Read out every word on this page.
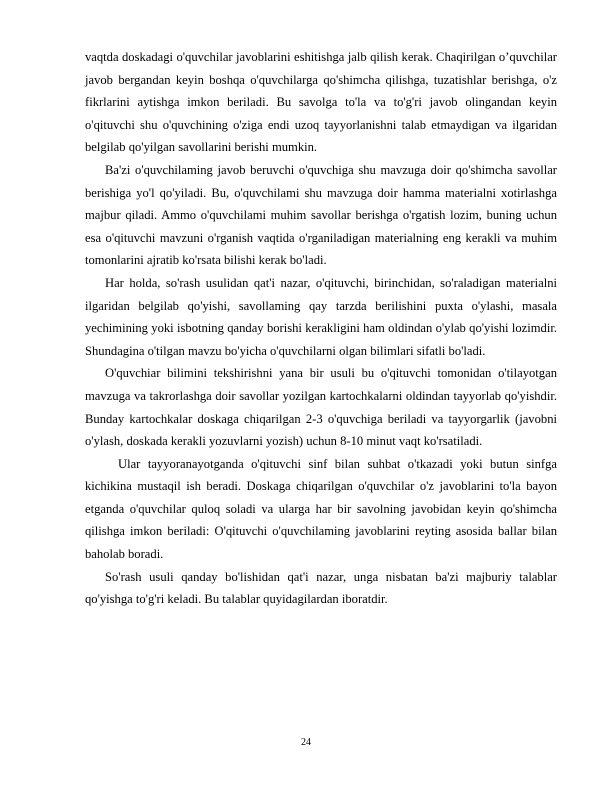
vaqtda doskadagi o'quvchilar javoblarini eshitishga jalb qilish kerak. Chaqirilgan o’quvchilar javob bergandan keyin boshqa o'quvchilarga qo'shimcha qilishga, tuzatishlar berishga, o'z fikrlarini aytishga imkon beriladi. Bu savolga to'la va to'g'ri javob olingandan keyin o'qituvchi shu o'quvchining o'ziga endi uzoq tayyorlanishni talab etmaydigan va ilgaridan belgilab qo'yilgan savollarini berishi mumkin.

Ba'zi o'quvchilaming javob beruvchi o'quvchiga shu mavzuga doir qo'shimcha savollar berishiga yo'l qo'yiladi. Bu, o'quvchilami shu mavzuga doir hamma materialni xotirlashga majbur qiladi. Ammo o'quvchilami muhim savollar berishga o'rgatish lozim, buning uchun esa o'qituvchi mavzuni o'rganish vaqtida o'rganiladigan materialning eng kerakli va muhim tomonlarini ajratib ko'rsata bilishi kerak bo'ladi.

Har holda, so'rash usulidan qat'i nazar, o'qituvchi, birinchidan, so'raladigan materialni ilgaridan belgilab qo'yishi, savollaming qay tarzda berilishini puxta o'ylashi, masala yechimining yoki isbotning qanday borishi kerakligini ham oldindan o'ylab qo'yishi lozimdir. Shundagina o'tilgan mavzu bo'yicha o'quvchilarni olgan bilimlari sifatli bo'ladi.

O'quvchiar bilimini tekshirishni yana bir usuli bu o'qituvchi tomonidan o'tilayotgan mavzuga va takrorlashga doir savollar yozilgan kartochkalarni oldindan tayyorlab qo'yishdir. Bunday kartochkalar doskaga chiqarilgan 2-3 o'quvchiga beriladi va tayyorgarlik (javobni o'ylash, doskada kerakli yozuvlarni yozish) uchun 8-10 minut vaqt ko'rsatiladi.

Ular tayyoranayotganda o'qituvchi sinf bilan suhbat o'tkazadi yoki butun sinfga kichikina mustaqil ish beradi. Doskaga chiqarilgan o'quvchilar o'z javoblarini to'la bayon etganda o'quvchilar quloq soladi va ularga har bir savolning javobidan keyin qo'shimcha qilishga imkon beriladi: O'qituvchi o'quvchilaming javoblarini reyting asosida ballar bilan baholab boradi.

So'rash usuli qanday bo'lishidan qat'i nazar, unga nisbatan ba'zi majburiy talablar qo'yishga to'g'ri keladi. Bu talablar quyidagilardan iboratdir.

24
